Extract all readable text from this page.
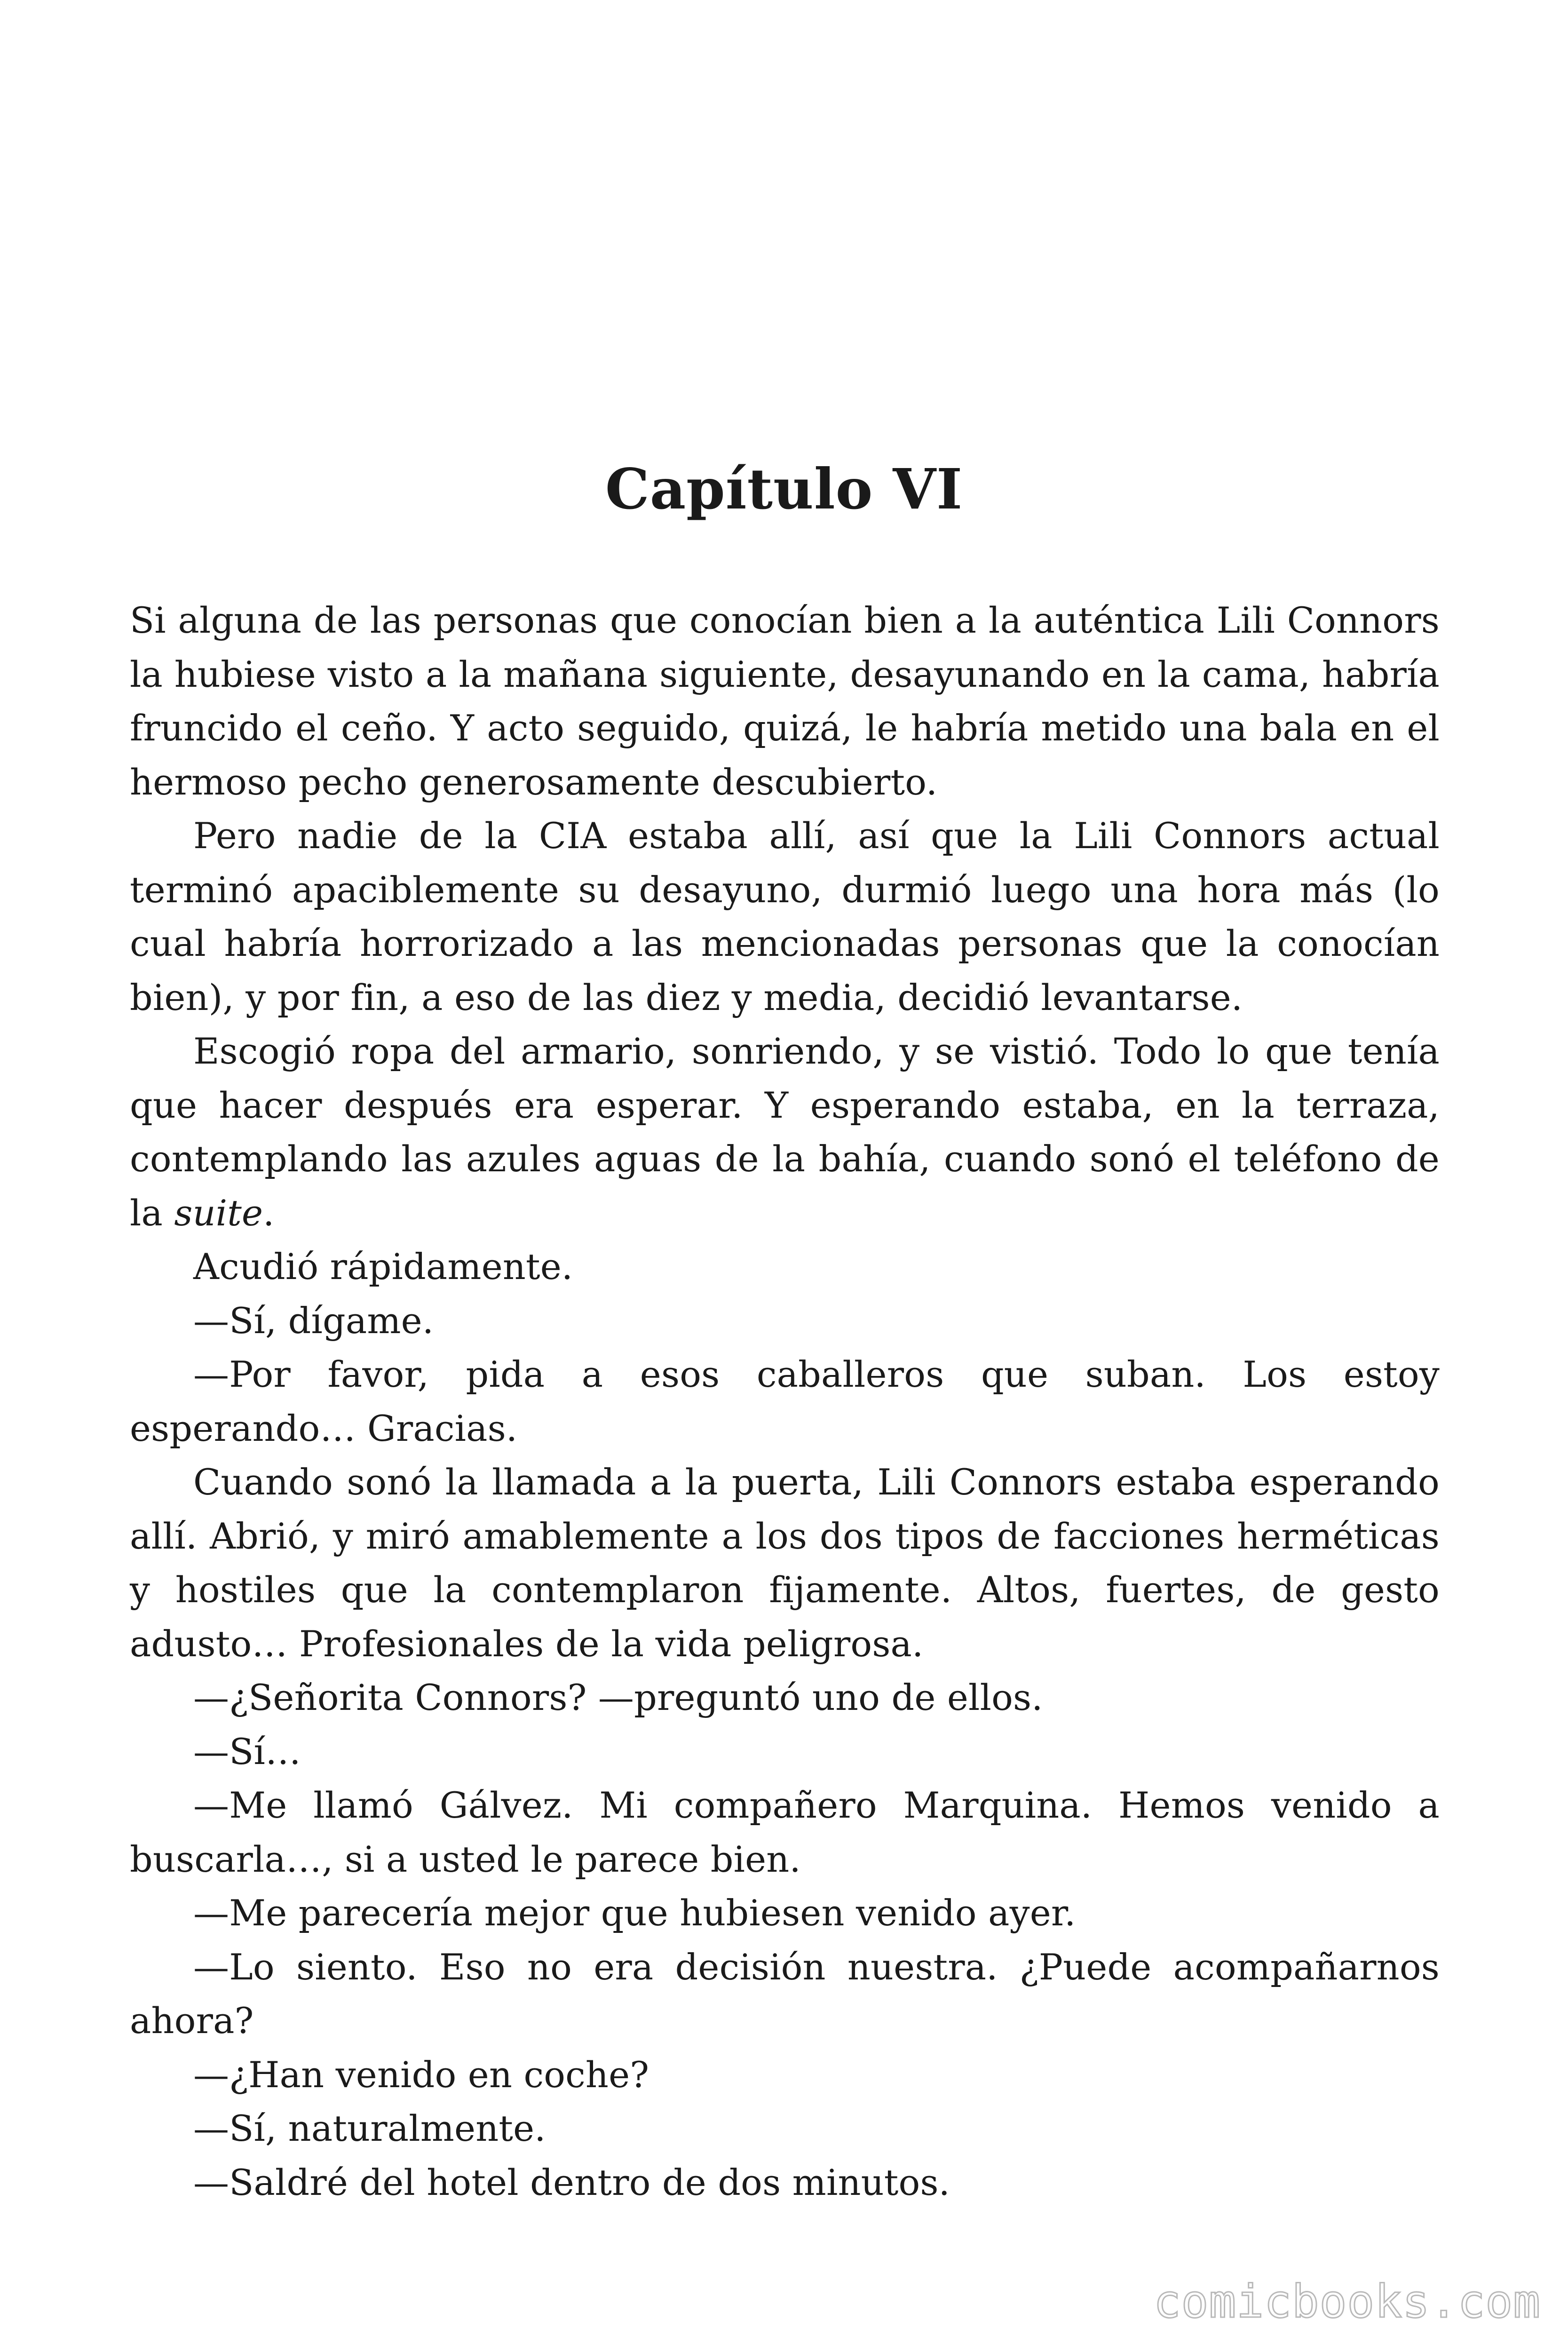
Capítulo VI

Si alguna de las personas que conocían bien a la auténtica Lili Connors la hubiese visto a la mañana siguiente, desayunando en la cama, habría fruncido el ceño. Y acto seguido, quizá, le habría metido una bala en el hermoso pecho generosamente descubierto.

Pero nadie de la CIA estaba allí, así que la Lili Connors actual terminó apaciblemente su desayuno, durmió luego una hora más (lo cual habría horrorizado a las mencionadas personas que la conocían bien), y por fin, a eso de las diez y media, decidió levantarse.

Escogió ropa del armario, sonriendo, y se vistió. Todo lo que tenía que hacer después era esperar. Y esperando estaba, en la terraza, contemplando las azules aguas de la bahía, cuando sonó el teléfono de la suite.

Acudió rápidamente.

—Sí, dígame.

—Por favor, pida a esos caballeros que suban. Los estoy esperando… Gracias.

Cuando sonó la llamada a la puerta, Lili Connors estaba esperando allí. Abrió, y miró amablemente a los dos tipos de facciones herméticas y hostiles que la contemplaron fijamente. Altos, fuertes, de gesto adusto… Profesionales de la vida peligrosa.

—¿Señorita Connors? —preguntó uno de ellos.

—Sí…

—Me llamó Gálvez. Mi compañero Marquina. Hemos venido a buscarla…, si a usted le parece bien.

—Me parecería mejor que hubiesen venido ayer.

—Lo siento. Eso no era decisión nuestra. ¿Puede acompañarnos ahora?

—¿Han venido en coche?

—Sí, naturalmente.

—Saldré del hotel dentro de dos minutos.

comicbooks.com
